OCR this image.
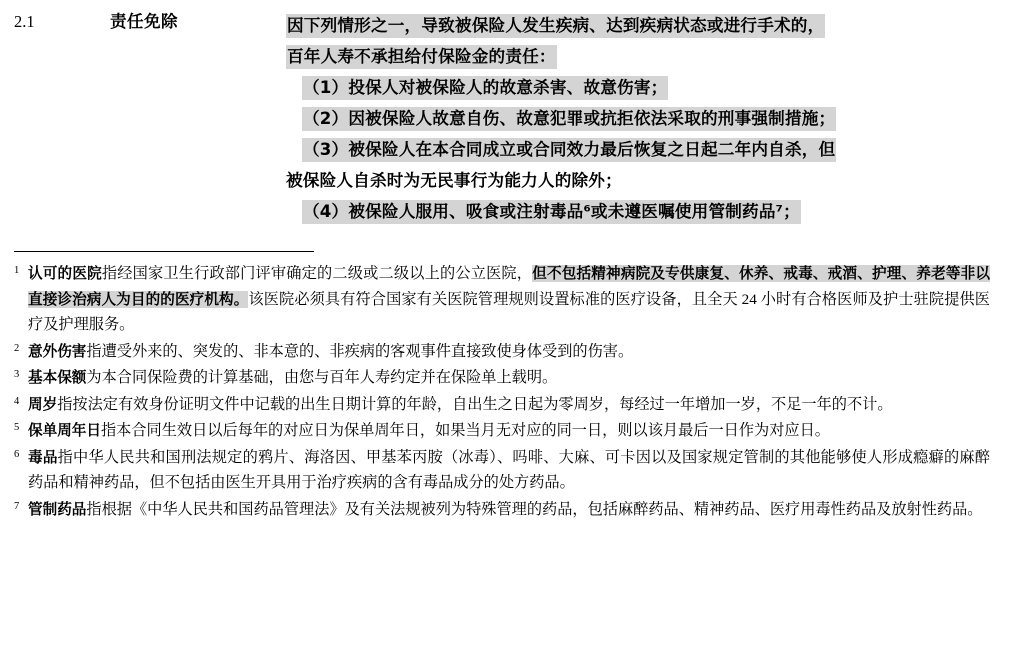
2.1	责任免除	因下列情形之一，导致被保险人发生疾病、达到疾病状态或进行手术的，
百年人寿不承担给付保险金的责任：
（1）投保人对被保险人的故意杀害、故意伤害；
（2）因被保险人故意自伤、故意犯罪或抗拒依法采取的刑事强制措施；
（3）被保险人在本合同成立或合同效力最后恢复之日起二年内自杀，但
被保险人自杀时为无民事行为能力人的除外；
（4）被保险人服用、吸食或注射毒品⁶或未遵医嘱使用管制药品⁷；
1 认可的医院指经国家卫生行政部门评审确定的二级或二级以上的公立医院，但不包括精神病院及专供康复、休养、戒毒、戒酒、护理、养老等非以直接诊治病人为目的的医疗机构。该医院必须具有符合国家有关医院管理规则设置标准的医疗设备，且全天 24 小时有合格医师及护士驻院提供医疗及护理服务。
2 意外伤害指遭受外来的、突发的、非本意的、非疾病的客观事件直接致使身体受到的伤害。
3 基本保额为本合同保险费的计算基础，由您与百年人寿约定并在保险单上载明。
4 周岁指按法定有效身份证明文件中记载的出生日期计算的年龄，自出生之日起为零周岁，每经过一年增加一岁，不足一年的不计。
5 保单周年日指本合同生效日以后每年的对应日为保单周年日，如果当月无对应的同一日，则以该月最后一日作为对应日。
6 毒品指中华人民共和国刑法规定的鸦片、海洛因、甲基苯丙胺（冰毒）、吗啡、大麻、可卡因以及国家规定管制的其他能够使人形成瘾癖的麻醉药品和精神药品，但不包括由医生开具用于治疗疾病的含有毒品成分的处方药品。
7 管制药品指根据《中华人民共和国药品管理法》及有关法规被列为特殊管理的药品，包括麻醉药品、精神药品、医疗用毒性药品及放射性药品。
